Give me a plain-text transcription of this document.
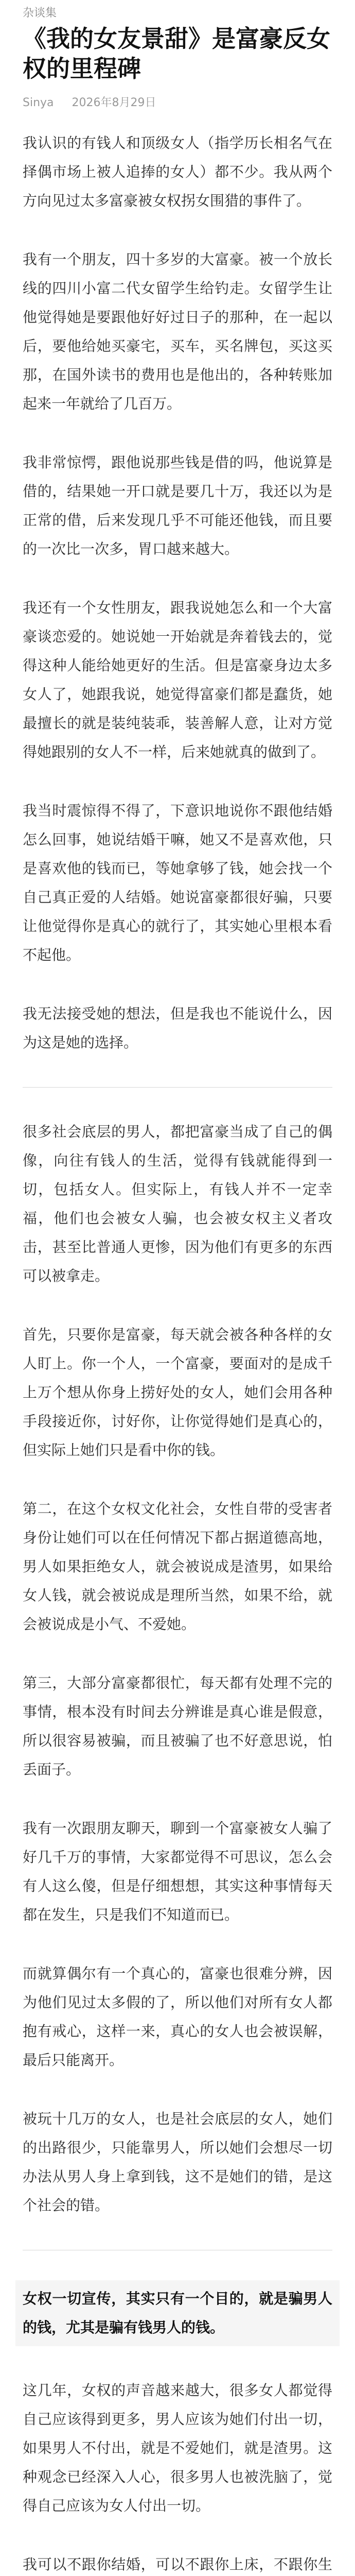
杂谈集
《我的女友景甜》是富豪反女权的里程碑
Sinya 2026年8月29日

我认识的有钱人和顶级女人（指学历长相名气在择偶市场上被人追捧的女人）都不少。我从两个方向见过太多富豪被女权拐女围猎的事件了。

我有一个朋友，四十多岁的大富豪。被一个放长线的四川小富二代女留学生给钓走。女留学生让他觉得她是要跟他好好过日子的那种，在一起以后，要他给她买豪宅，买车，买名牌包，买这买那，在国外读书的费用也是他出的，各种转账加起来一年就给了几百万。

我非常惊愕，跟他说那些钱是借的吗，他说算是借的，结果她一开口就是要几十万，我还以为是正常的借，后来发现几乎不可能还他钱，而且要的一次比一次多，胃口越来越大。

我还有一个女性朋友，跟我说她怎么和一个大富豪谈恋爱的。她说她一开始就是奔着钱去的，觉得这种人能给她更好的生活。但是富豪身边太多女人了，她跟我说，她觉得富豪们都是蠢货，她最擅长的就是装纯装乖，装善解人意，让对方觉得她跟别的女人不一样，后来她就真的做到了。

我当时震惊得不得了，下意识地说你不跟他结婚怎么回事，她说结婚干嘛，她又不是喜欢他，只是喜欢他的钱而已，等她拿够了钱，她会找一个自己真正爱的人结婚。她说富豪都很好骗，只要让他觉得你是真心的就行了，其实她心里根本看不起他。

我无法接受她的想法，但是我也不能说什么，因为这是她的选择。

很多社会底层的男人，都把富豪当成了自己的偶像，向往有钱人的生活，觉得有钱就能得到一切，包括女人。但实际上，有钱人并不一定幸福，他们也会被女人骗，也会被女权主义者攻击，甚至比普通人更惨，因为他们有更多的东西可以被拿走。

首先，只要你是富豪，每天就会被各种各样的女人盯上。你一个人，一个富豪，要面对的是成千上万个想从你身上捞好处的女人，她们会用各种手段接近你，讨好你，让你觉得她们是真心的，但实际上她们只是看中你的钱。

第二，在这个女权文化社会，女性自带的受害者身份让她们可以在任何情况下都占据道德高地，男人如果拒绝女人，就会被说成是渣男，如果给女人钱，就会被说成是理所当然，如果不给，就会被说成是小气、不爱她。

第三，大部分富豪都很忙，每天都有处理不完的事情，根本没有时间去分辨谁是真心谁是假意，所以很容易被骗，而且被骗了也不好意思说，怕丢面子。

我有一次跟朋友聊天，聊到一个富豪被女人骗了好几千万的事情，大家都觉得不可思议，怎么会有人这么傻，但是仔细想想，其实这种事情每天都在发生，只是我们不知道而已。

而就算偶尔有一个真心的，富豪也很难分辨，因为他们见过太多假的了，所以他们对所有女人都抱有戒心，这样一来，真心的女人也会被误解，最后只能离开。

被玩十几万的女人，也是社会底层的女人，她们的出路很少，只能靠男人，所以她们会想尽一切办法从男人身上拿到钱，这不是她们的错，是这个社会的错。

女权一切宣传，其实只有一个目的，就是骗男人的钱，尤其是骗有钱男人的钱。

这几年，女权的声音越来越大，很多女人都觉得自己应该得到更多，男人应该为她们付出一切，如果男人不付出，就是不爱她们，就是渣男。这种观念已经深入人心，很多男人也被洗脑了，觉得自己应该为女人付出一切。

我可以不跟你结婚，可以不跟你上床，不跟你生
